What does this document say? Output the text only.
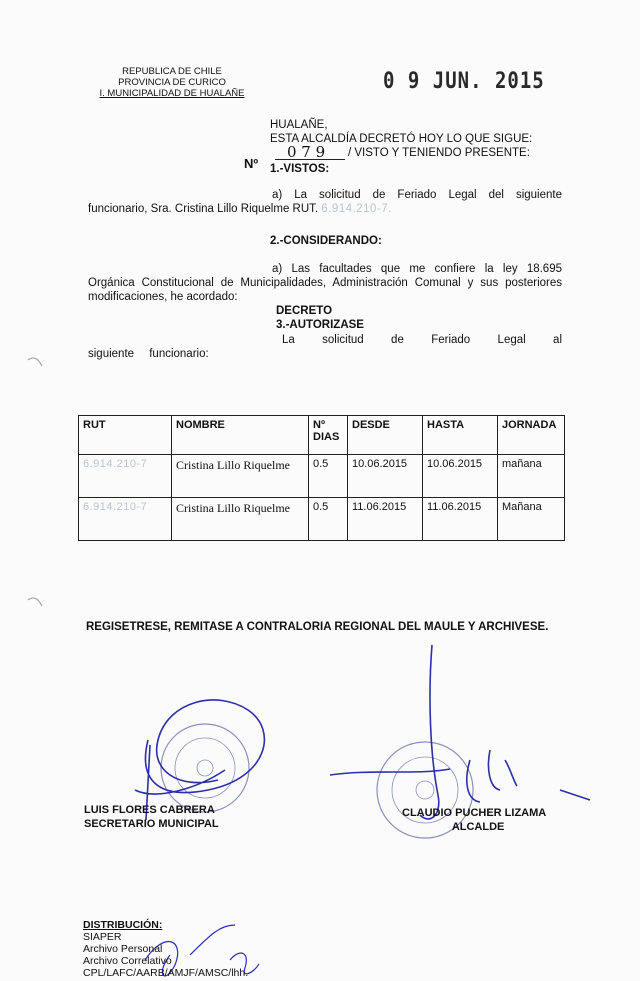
REPUBLICA DE CHILE
PROVINCIA DE CURICO
I. MUNICIPALIDAD DE HUALAÑE	0 9 JUN. 2015
HUALAÑE,
ESTA ALCALDÍA DECRETÓ HOY LO QUE SIGUE:
Nº
0 7 9 / VISTO Y TENIENDO PRESENTE:
1.-VISTOS:
a) La solicitud de Feriado Legal del siguiente funcionario, Sra. Cristina Lillo Riquelme RUT. 6.914.210-7.
2.-CONSIDERANDO:
a) Las facultades que me confiere la ley 18.695 Orgánica Constitucional de Municipalidades, Administración Comunal y sus posteriores modificaciones, he acordado:
DECRETO
3.-AUTORIZASE
La solicitud de Feriado Legal al siguiente funcionario:
RUT	NOMBRE	Nº DIAS	DESDE	HASTA	JORNADA
6.914.210-7	Cristina Lillo Riquelme	0.5	10.06.2015	10.06.2015	mañana
6.914.210-7	Cristina Lillo Riquelme	0.5	11.06.2015	11.06.2015	Mañana
REGISETRESE, REMITASE A CONTRALORIA REGIONAL DEL MAULE Y ARCHIVESE.
LUIS FLORES CABRERA
SECRETARIO MUNICIPAL
CLAUDIO PUCHER LIZAMA
ALCALDE
DISTRIBUCIÓN:
SIAPER
Archivo Personal
Archivo Correlativo
CPL/LAFC/AARB/AMJF/AMSC/lhh.
